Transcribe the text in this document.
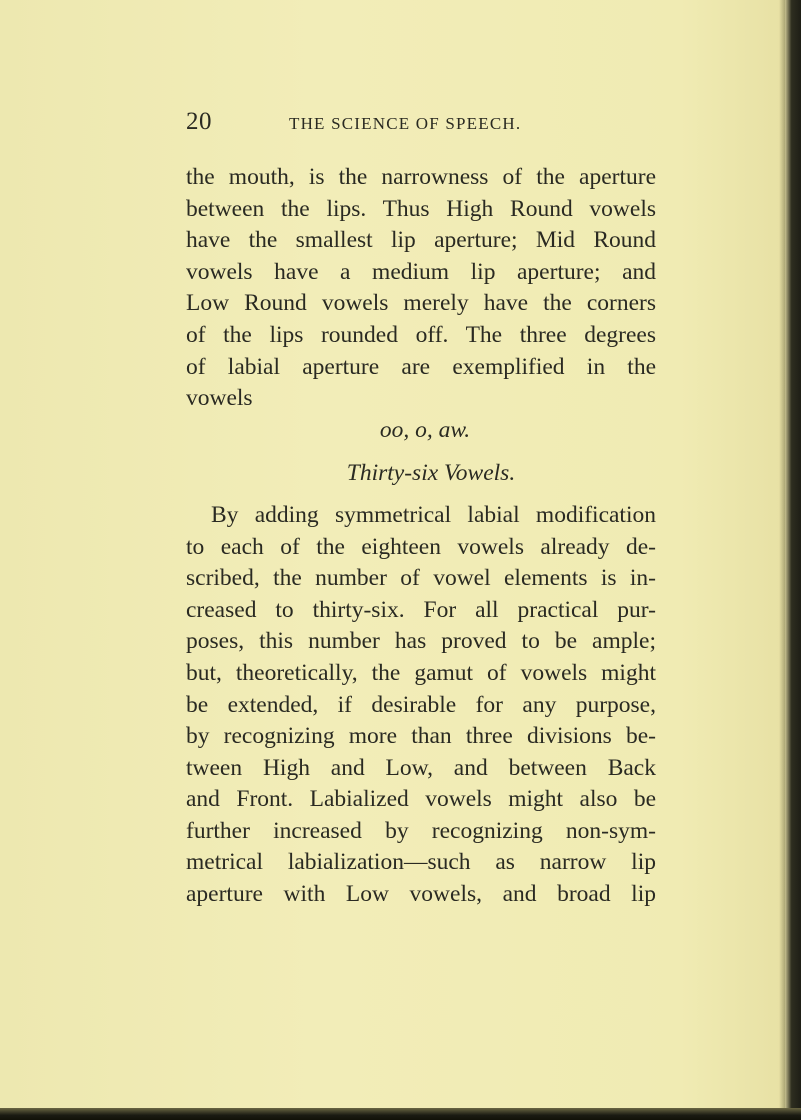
20	THE SCIENCE OF SPEECH.
the mouth, is the narrowness of the aperture
between the lips. Thus High Round vowels
have the smallest lip aperture; Mid Round
vowels have a medium lip aperture; and
Low Round vowels merely have the corners
of the lips rounded off. The three degrees
of labial aperture are exemplified in the
vowels
oo, o, aw.
Thirty-six Vowels.
By adding symmetrical labial modification
to each of the eighteen vowels already de-
scribed, the number of vowel elements is in-
creased to thirty-six. For all practical pur-
poses, this number has proved to be ample;
but, theoretically, the gamut of vowels might
be extended, if desirable for any purpose,
by recognizing more than three divisions be-
tween High and Low, and between Back
and Front. Labialized vowels might also be
further increased by recognizing non-sym-
metrical labialization—such as narrow lip
aperture with Low vowels, and broad lip
